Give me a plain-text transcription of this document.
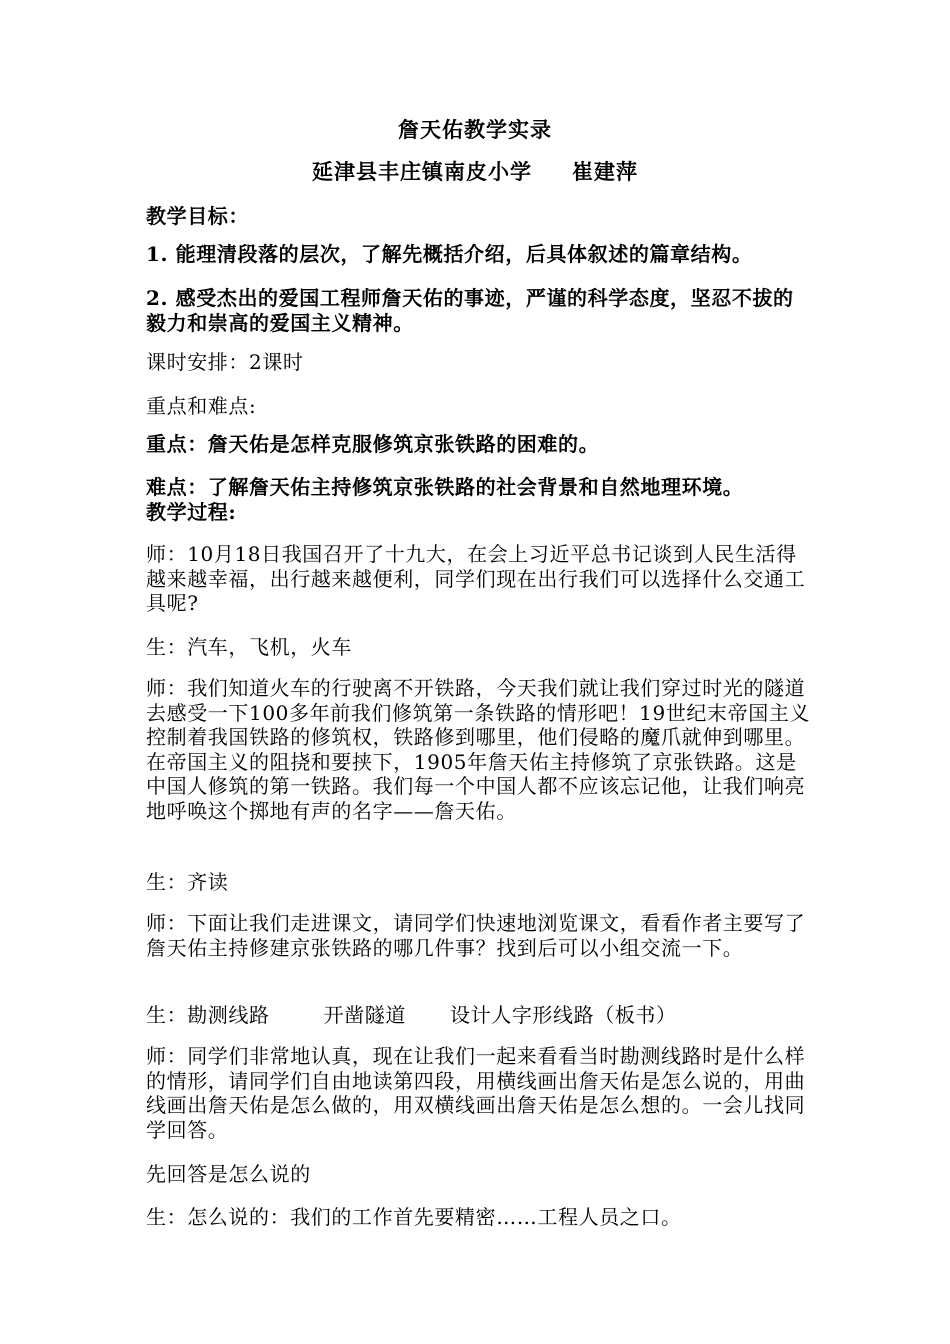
詹天佑教学实录
延津县丰庄镇南皮小学 崔建萍
教学目标：
1. 能理清段落的层次，了解先概括介绍，后具体叙述的篇章结构。
2. 感受杰出的爱国工程师詹天佑的事迹，严谨的科学态度，坚忍不拔的毅力和崇高的爱国主义精神。
课时安排：2课时
重点和难点:
重点：詹天佑是怎样克服修筑京张铁路的困难的。
难点：了解詹天佑主持修筑京张铁路的社会背景和自然地理环境。
教学过程:
师：10月18日我国召开了十九大，在会上习近平总书记谈到人民生活得越来越幸福，出行越来越便利，同学们现在出行我们可以选择什么交通工具呢?
生：汽车，飞机，火车
师：我们知道火车的行驶离不开铁路，今天我们就让我们穿过时光的隧道去感受一下100多年前我们修筑第一条铁路的情形吧！19世纪末帝国主义控制着我国铁路的修筑权，铁路修到哪里，他们侵略的魔爪就伸到哪里。在帝国主义的阻挠和要挟下，1905年詹天佑主持修筑了京张铁路。这是中国人修筑的第一铁路。我们每一个中国人都不应该忘记他，让我们响亮地呼唤这个掷地有声的名字——詹天佑。
生：齐读
师：下面让我们走进课文，请同学们快速地浏览课文，看看作者主要写了詹天佑主持修建京张铁路的哪几件事？找到后可以小组交流一下。
生：勘测线路	开凿隧道 设计人字形线路（板书）
师：同学们非常地认真，现在让我们一起来看看当时勘测线路时是什么样的情形，请同学们自由地读第四段，用横线画出詹天佑是怎么说的，用曲线画出詹天佑是怎么做的，用双横线画出詹天佑是怎么想的。一会儿找同学回答。
先回答是怎么说的
生：怎么说的：我们的工作首先要精密……工程人员之口。
